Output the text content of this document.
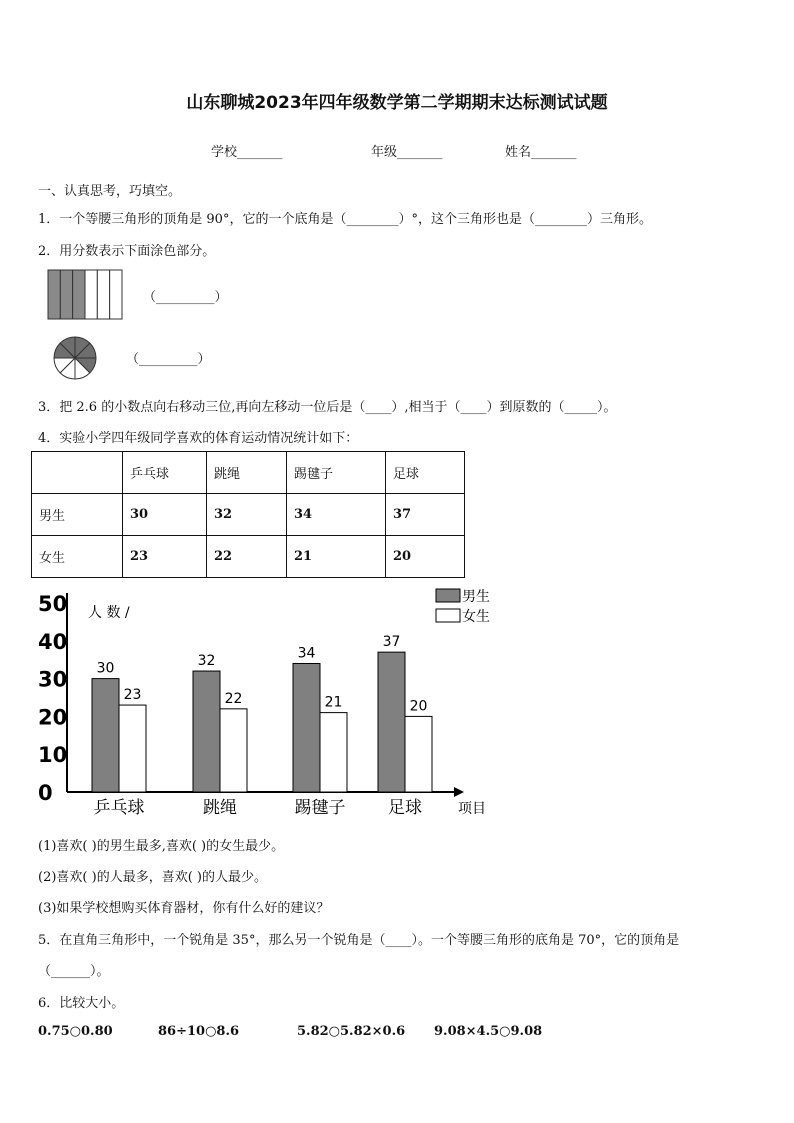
山东聊城2023年四年级数学第二学期期末达标测试试题
学校_______	年级_______	姓名_______
一、认真思考，巧填空。
1．一个等腰三角形的顶角是 90°，它的一个底角是（________）°，这个三角形也是（________）三角形。
2．用分数表示下面涂色部分。
（_________）
（_________）
3．把 2.6 的小数点向右移动三位,再向左移动一位后是（____）,相当于（____）到原数的（_____）。
4．实验小学四年级同学喜欢的体育运动情况统计如下：
	乒乓球	跳绳	踢毽子	足球
男生	30	32	34	37
女生	23	22	21	20
0
10
20
30
40
50 人 数 /
30
23
乒乓球
32
22
跳绳
34
21
踢毽子
37
20
足球	项目
男生
女生
(1)喜欢( )的男生最多,喜欢( )的女生最少。
(2)喜欢( )的人最多，喜欢( )的人最少。
(3)如果学校想购买体育器材，你有什么好的建议？
5．在直角三角形中，一个锐角是 35°，那么另一个锐角是（____）。一个等腰三角形的底角是 70°，它的顶角是
（______）。
6．比较大小。
0.75○0.80	86÷10○8.6	5.82○5.82×0.6 9.08×4.5○9.08
